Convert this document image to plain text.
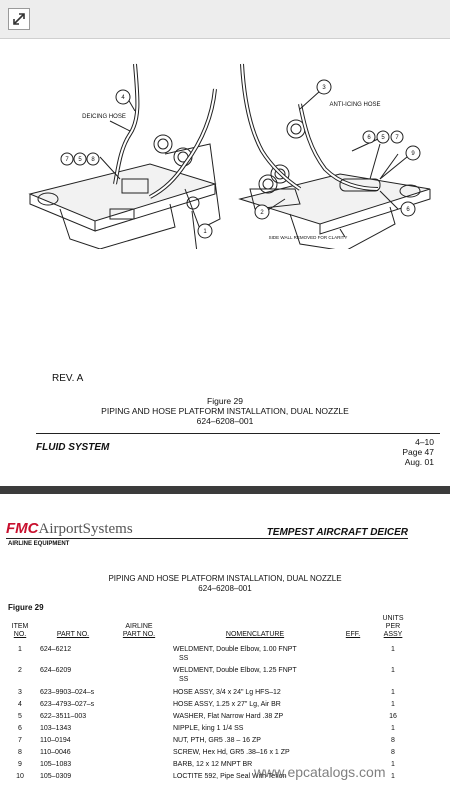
4
DEICING HOSE
7 5 8
1
3
ANTI-ICING HOSE
6 5 7
9
2	6
SIDE WALL REMOVED FOR CLARITY
REV. A
Figure 29
PIPING AND HOSE PLATFORM INSTALLATION, DUAL NOZZLE
624–6208–001
FLUID SYSTEM	4–10
Page 47
Aug. 01
FMCAirportSystems
AIRLINE EQUIPMENT
TEMPEST AIRCRAFT DEICER
PIPING AND HOSE PLATFORM INSTALLATION, DUAL NOZZLE
624–6208–001
Figure 29
ITEM
NO.	PART NO.
AIRLINE
PART NO.	NOMENCLATURE	EFF.
UNITS
PER
ASSY
1	624–6212	WELDMENT, Double Elbow, 1.00 FNPT	1
SS
2	624–6209	WELDMENT, Double Elbow, 1.25 FNPT	1
SS
3	623–9903–024–s	HOSE ASSY, 3/4 x 24" Lg HFS–12	1
4	623–4793–027–s	HOSE ASSY, 1.25 x 27" Lg, Air BR	1
5	622–3511–003	WASHER, Flat Narrow Hard .38 ZP	16
6	103–1343	NIPPLE, king 1 1/4 SS	1
7	110–0194	NUT, PTH, GR5 .38 – 16 ZP	8
8	110–0046	SCREW, Hex Hd, GR5 .38–16 x 1 ZP	8
9	105–1083	BARB, 12 x 12 MNPT BR	1
10	105–0309	LOCTITE 592, Pipe Seal With Teflon	1
www.epcatalogs.com
